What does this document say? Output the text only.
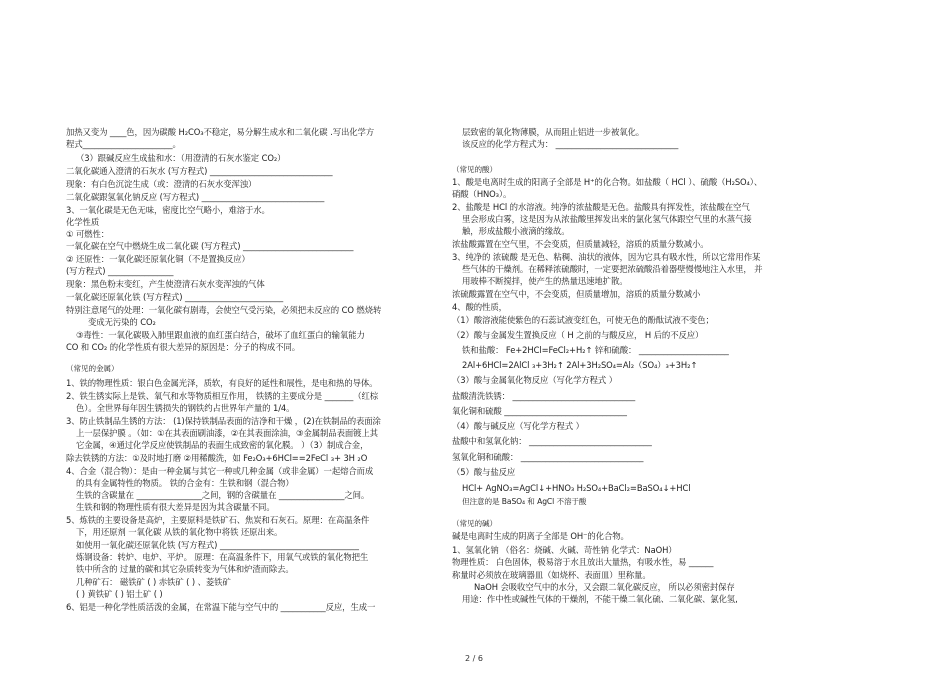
加热又变为 ____色，因为碳酸 H₂CO₃不稳定，易分解生成水和二氧化碳 .写出化学方
程式______________________。
（3）跟碱反应生成盐和水：（用澄清的石灰水鉴定 CO₂）
二氧化碳通入澄清的石灰水 (写方程式) ______________________________
现象：有白色沉淀生成（或：澄清的石灰水变浑浊）
二氧化碳跟氢氧化钠反应 (写方程式) ______________________________
3、一氧化碳是无色无味，密度比空气略小，难溶于水。
化学性质
① 可燃性：
一氧化碳在空气中燃烧生成二氧化碳 (写方程式) ___________________________
② 还原性：一氧化碳还原氧化铜（不是置换反应）
(写方程式) ________________
现象：黑色粉末变红，产生使澄清石灰水变浑浊的气体
一氧化碳还原氧化铁 (写方程式) ________________________
特别注意尾气的处理：一氧化碳有剧毒，会使空气受污染，必须把未反应的 CO 燃烧转
变成无污染的 CO₂
③毒性：一氧化碳吸入肺里跟血液的血红蛋白结合，破坏了血红蛋白的输氧能力
CO 和 CO₂ 的化学性质有很大差异的原因是：分子的构成不同。
（常见的金属）
1、铁的物理性质：银白色金属光泽，质软，有良好的延性和展性，是电和热的导体。
2、铁生锈实际上是铁、氧气和水等物质相互作用， 铁锈的主要成分是 _______（红棕
色）。全世界每年因生锈损失的钢铁约占世界年产量的 1/4。
3、防止铁制品生锈的方法： (1)保持铁制品表面的洁净和干燥 ，(2)在铁制品的表面涂
上一层保护膜 。（如：①在其表面刷油漆，②在其表面涂油，③金属制品表面镀上其
它金属，④通过化学反应使铁制品的表面生成致密的氧化膜。 ）（3）制成合金，
除去铁锈的方法：①及时地打磨 ②用稀酸洗，如 Fe₂O₃+6HCl==2FeCl ₃+ 3H ₂O
4、合金（混合物）：是由一种金属与其它一种或几种金属（或非金属）一起熔合而成
的具有金属特性的物质。 铁的合金有：生铁和钢（混合物）
生铁的含碳量在 ________________之间，钢的含碳量在 ________________之间。
生铁和钢的物理性质有很大差异是因为其含碳量不同。
5、炼铁的主要设备是高炉，主要原料是铁矿石、焦炭和石灰石。原理：在高温条件
下，用还原剂 一氧化碳 从铁的氧化物中将铁 还原出来。
如使用一氧化碳还原氧化铁 (写方程式) __________________________________
炼钢设备：转炉、电炉、平炉。 原理：在高温条件下，用氧气或铁的氧化物把生
铁中所含的 过量的碳和其它杂质转变为气体和炉渣而除去。
几种矿石： 磁铁矿 ( ) 赤铁矿 ( ) 、菱铁矿
( ) 黄铁矿 ( ) 铝土矿 ( )
6、铝是一种化学性质活泼的金属，在常温下能与空气中的 ___________反应，生成一
层致密的氧化物薄膜，从而阻止铝进一步被氧化。
该反应的化学方程式为： ______________________________
（常见的酸）
1、酸是电离时生成的阳离子全部是 H⁺的化合物。如盐酸（ HCl ）、硫酸（H₂SO₄）、
硝酸（HNO₃）。
2、盐酸是 HCl 的水溶液。纯净的浓盐酸是无色。盐酸具有挥发性，浓盐酸在空气
里会形成白雾，这是因为从浓盐酸里挥发出来的氯化氢气体跟空气里的水蒸气接
触，形成盐酸小液滴的缘故。
浓盐酸露置在空气里，不会变质，但质量减轻，溶质的质量分数减小。
3、纯净的 浓硫酸 是无色、粘稠、油状的液体，因为它具有吸水性，所以它常用作某
些气体的干燥剂。在稀释浓硫酸时，一定要把浓硫酸沿着器壁慢慢地注入水里， 并
用玻棒不断搅拌，使产生的热量迅速地扩散。
浓硫酸露置在空气中，不会变质，但质量增加，溶质的质量分数减小
4、酸的性质，
（1）酸溶液能使紫色的石蕊试液变红色，可使无色的酚酞试液不变色；
（2）酸与金属发生置换反应（ H 之前的与酸反应， H 后的不反应）
铁和盐酸： Fe+2HCl=FeCl₂+H₂↑ 锌和硫酸： ______________________
2Al+6HCl=2AlCl ₃+3H₂↑ 2Al+3H₂SO₄=Al₂（SO₄）₃+3H₂↑
（3）酸与金属氧化物反应（写化学方程式 ）
盐酸清洗铁锈： ______________________________
氧化铜和硫酸 ______________________________
（4）酸与碱反应（写化学方程式 ）
盐酸中和氢氧化钠： ______________________________
氢氧化铜和硫酸： ______________________________
（5）酸与盐反应
HCl+ AgNO₃=AgCl↓+HNO₃ H₂SO₄+BaCl₂=BaSO₄↓+HCl
但注意的是 BaSO₄ 和 AgCl 不溶于酸
（常见的碱）
碱是电离时生成的阴离子全部是 OH⁻的化合物。
1、氢氧化钠 （俗名：烧碱、火碱、苛性钠 化学式：NaOH）
物理性质： 白色固体，极易溶于水且放出大量热，有吸水性，易 ______
称量时必须放在玻璃器皿（如烧杯、表面皿）里称量。
NaOH 会吸收空气中的水分，又会跟二氧化碳反应， 所以必须密封保存
用途：作中性或碱性气体的干燥剂，不能干燥二氧化硫、二氧化碳、氯化氢,
2 / 6
